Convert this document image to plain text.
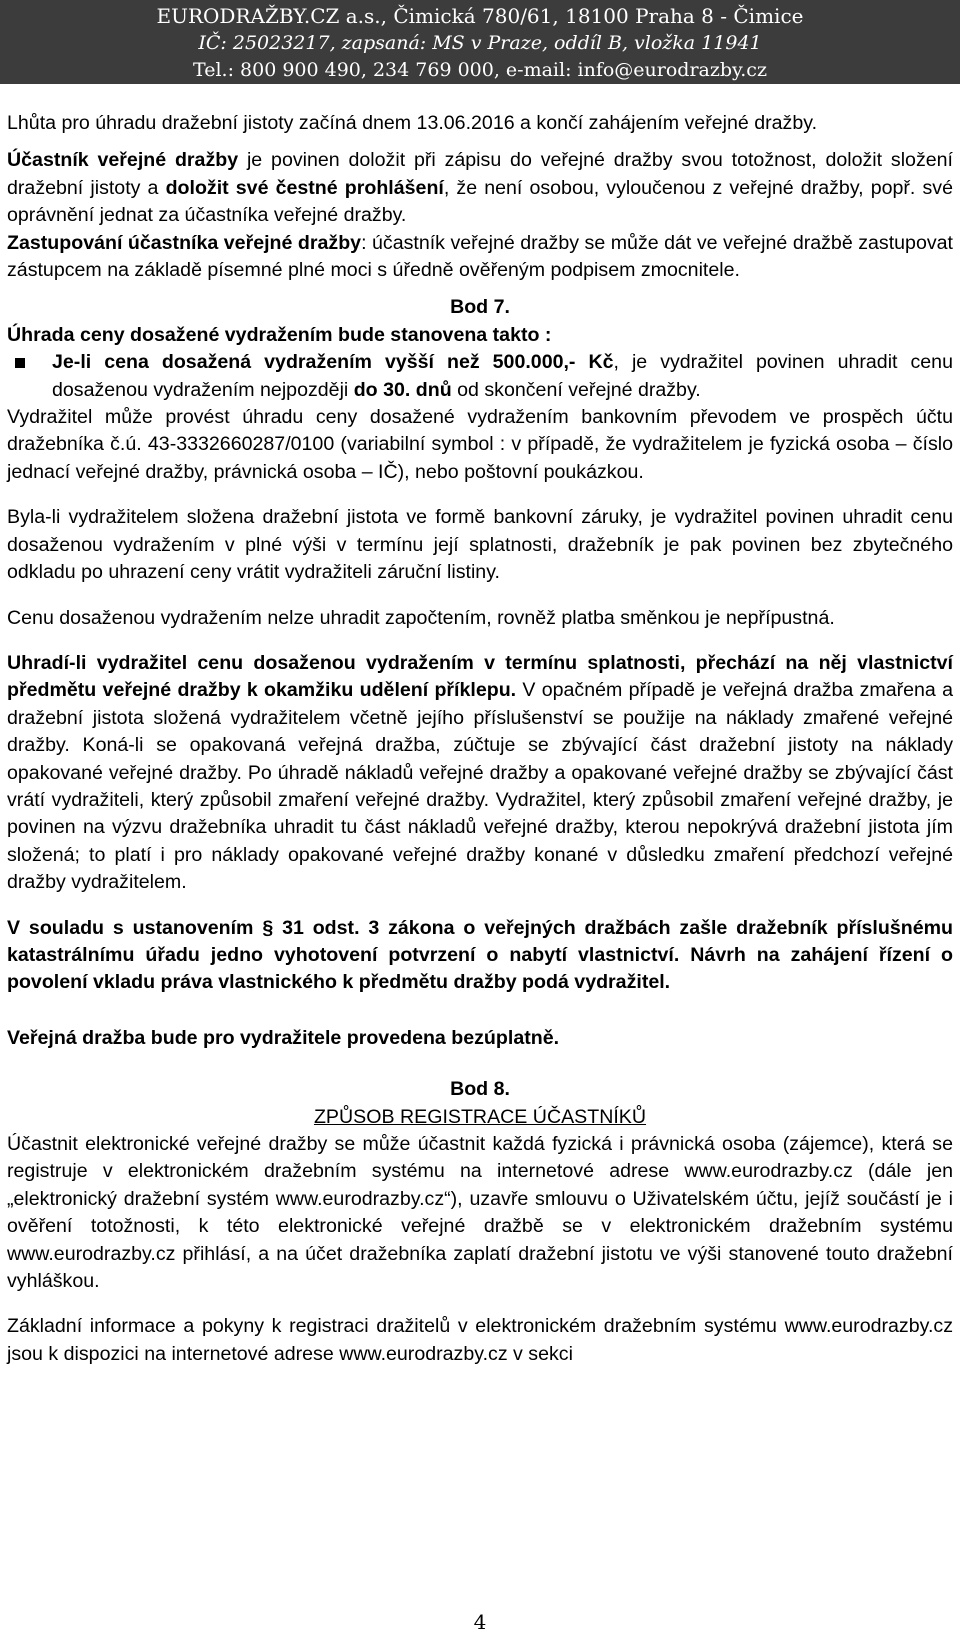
EURODRAŽBY.CZ a.s., Čimická 780/61, 18100 Praha 8 - Čimice
IČ: 25023217, zapsaná: MS v Praze, oddíl B, vložka 11941
Tel.: 800 900 490, 234 769 000, e-mail: info@eurodrazby.cz

Lhůta pro úhradu dražební jistoty začíná dnem 13.06.2016 a končí zahájením veřejné dražby.

Účastník veřejné dražby je povinen doložit při zápisu do veřejné dražby svou totožnost, doložit složení dražební jistoty a doložit své čestné prohlášení, že není osobou, vyloučenou z veřejné dražby, popř. své oprávnění jednat za účastníka veřejné dražby.

Zastupování účastníka veřejné dražby: účastník veřejné dražby se může dát ve veřejné dražbě zastupovat zástupcem na základě písemné plné moci s úředně ověřeným podpisem zmocnitele.

Bod 7.

Úhrada ceny dosažené vydražením bude stanovena takto :

Je-li cena dosažená vydražením vyšší než 500.000,- Kč, je vydražitel povinen uhradit cenu dosaženou vydražením nejpozději do 30. dnů od skončení veřejné dražby.

Vydražitel může provést úhradu ceny dosažené vydražením bankovním převodem ve prospěch účtu dražebníka č.ú. 43-3332660287/0100 (variabilní symbol : v případě, že vydražitelem je fyzická osoba – číslo jednací veřejné dražby, právnická osoba – IČ), nebo poštovní poukázkou.

Byla-li vydražitelem složena dražební jistota ve formě bankovní záruky, je vydražitel povinen uhradit cenu dosaženou vydražením v plné výši v termínu její splatnosti, dražebník je pak povinen bez zbytečného odkladu po uhrazení ceny vrátit vydražiteli záruční listiny.

Cenu dosaženou vydražením nelze uhradit započtením, rovněž platba směnkou je nepřípustná.

Uhradí-li vydražitel cenu dosaženou vydražením v termínu splatnosti, přechází na něj vlastnictví předmětu veřejné dražby k okamžiku udělení příklepu. V opačném případě je veřejná dražba zmařena a dražební jistota složená vydražitelem včetně jejího příslušenství se použije na náklady zmařené veřejné dražby. Koná-li se opakovaná veřejná dražba, zúčtuje se zbývající část dražební jistoty na náklady opakované veřejné dražby. Po úhradě nákladů veřejné dražby a opakované veřejné dražby se zbývající část vrátí vydražiteli, který způsobil zmaření veřejné dražby. Vydražitel, který způsobil zmaření veřejné dražby, je povinen na výzvu dražebníka uhradit tu část nákladů veřejné dražby, kterou nepokrývá dražební jistota jím složená; to platí i pro náklady opakované veřejné dražby konané v důsledku zmaření předchozí veřejné dražby vydražitelem.

V souladu s ustanovením § 31 odst. 3 zákona o veřejných dražbách zašle dražebník příslušnému katastrálnímu úřadu jedno vyhotovení potvrzení o nabytí vlastnictví. Návrh na zahájení řízení o povolení vkladu práva vlastnického k předmětu dražby podá vydražitel.

Veřejná dražba bude pro vydražitele provedena bezúplatně.

Bod 8.

ZPŮSOB REGISTRACE ÚČASTNÍKŮ

Účastnit elektronické veřejné dražby se může účastnit každá fyzická i právnická osoba (zájemce), která se registruje v elektronickém dražebním systému na internetové adrese www.eurodrazby.cz (dále jen „elektronický dražební systém www.eurodrazby.cz“), uzavře smlouvu o Uživatelském účtu, jejíž součástí je i ověření totožnosti, k této elektronické veřejné dražbě se v elektronickém dražebním systému www.eurodrazby.cz přihlásí, a na účet dražebníka zaplatí dražební jistotu ve výši stanovené touto dražební vyhláškou.

Základní informace a pokyny k registraci dražitelů v elektronickém dražebním systému www.eurodrazby.cz jsou k dispozici na internetové adrese www.eurodrazby.cz v sekci

4
